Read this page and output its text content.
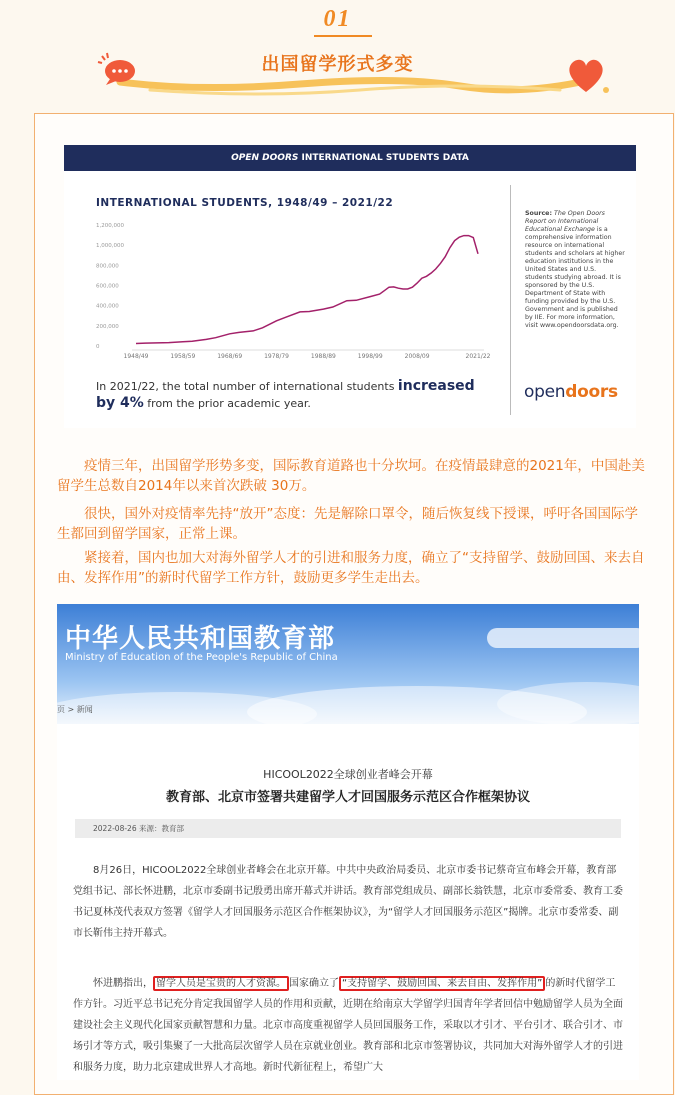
01
出国留学形式多变
OPEN DOORS INTERNATIONAL STUDENTS DATA
INTERNATIONAL STUDENTS, 1948/49 – 2021/22
0
200,000
400,000
600,000
800,000
1,000,000
1,200,000
1948/49	1958/59	1968/69	1978/79	1988/89	1998/99	2008/09	2021/22
In 2021/22, the total number of international students increased by 4% from the prior academic year.
Source: The Open Doors Report on International Educational Exchange is a comprehensive information resource on international students and scholars at higher education institutions in the United States and U.S. students studying abroad. It is sponsored by the U.S. Department of State with funding provided by the U.S. Government and is published by IIE. For more information, visit www.opendoorsdata.org.
opendoors
疫情三年，出国留学形势多变，国际教育道路也十分坎坷。在疫情最肆意的2021年，中国赴美留学生总数自2014年以来首次跌破 30万。
很快，国外对疫情率先持“放开”态度：先是解除口罩令，随后恢复线下授课，呼吁各国国际学生都回到留学国家，正常上课。
紧接着，国内也加大对海外留学人才的引进和服务力度，确立了“支持留学、鼓励回国、来去自由、发挥作用”的新时代留学工作方针，鼓励更多学生走出去。
中华人民共和国教育部
Ministry of Education of the People's Republic of China
页 > 新闻
HICOOL2022全球创业者峰会开幕
教育部、北京市签署共建留学人才回国服务示范区合作框架协议
2022-08-26 来源：教育部
8月26日，HICOOL2022全球创业者峰会在北京开幕。中共中央政治局委员、北京市委书记蔡奇宣布峰会开幕，教育部党组书记、部长怀进鹏，北京市委副书记殷勇出席开幕式并讲话。教育部党组成员、副部长翁铁慧，北京市委常委、教育工委书记夏林茂代表双方签署《留学人才回国服务示范区合作框架协议》，为“留学人才回国服务示范区”揭牌。北京市委常委、副市长靳伟主持开幕式。
怀进鹏指出， 留学人员是宝贵的人才资源。 国家确立了 “支持留学、鼓励回国、来去自由、发挥作用” 的新时代留学工作方针。习近平总书记充分肯定我国留学人员的作用和贡献，近期在给南京大学留学归国青年学者回信中勉励留学人员为全面建设社会主义现代化国家贡献智慧和力量。北京市高度重视留学人员回国服务工作，采取以才引才、平台引才、联合引才、市场引才等方式，吸引集聚了一大批高层次留学人员在京就业创业。教育部和北京市签署协议，共同加大对海外留学人才的引进和服务力度，助力北京建成世界人才高地。新时代新征程上，希望广大
